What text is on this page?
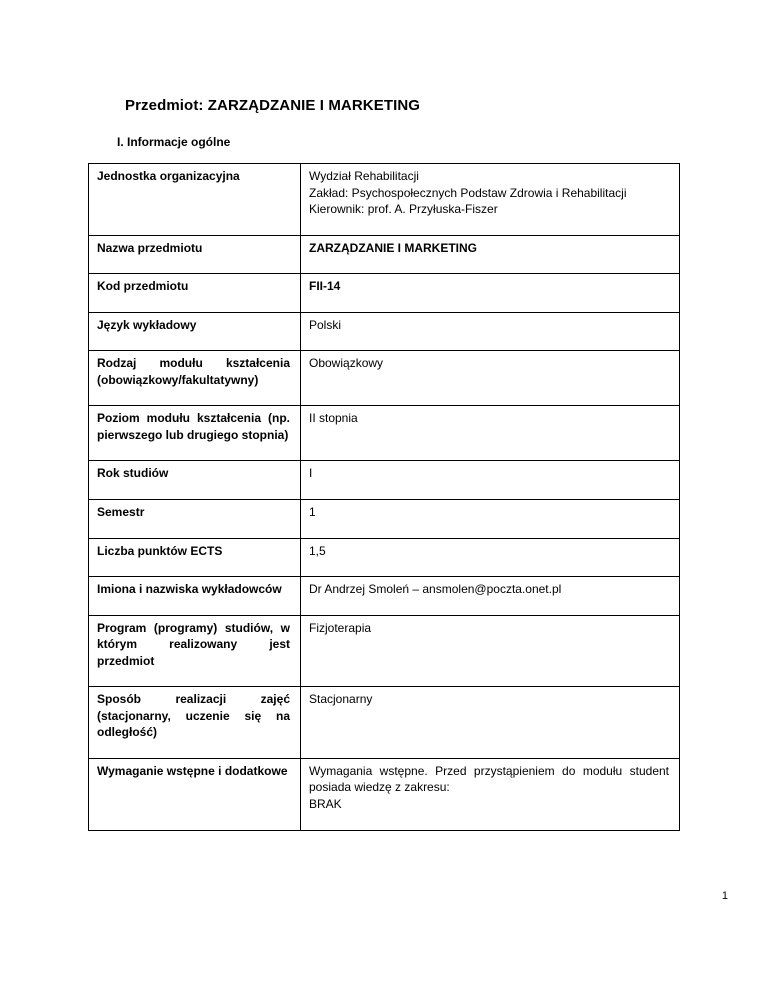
Przedmiot: ZARZĄDZANIE I MARKETING
I. Informacje ogólne
Jednostka organizacyjna	Wydział Rehabilitacji
Zakład: Psychospołecznych Podstaw Zdrowia i Rehabilitacji
Kierownik: prof. A. Przyłuska-Fiszer

Nazwa przedmiotu	ZARZĄDZANIE I MARKETING

Kod przedmiotu	FII-14

Język wykładowy	Polski

Rodzaj modułu kształcenia (obowiązkowy/fakultatywny)	Obowiązkowy

Poziom modułu kształcenia (np. pierwszego lub drugiego stopnia)	II stopnia

Rok studiów	I

Semestr	1

Liczba punktów ECTS	1,5

Imiona i nazwiska wykładowców	Dr Andrzej Smoleń – ansmolen@poczta.onet.pl

Program (programy) studiów, w którym realizowany jest przedmiot	Fizjoterapia

Sposób realizacji zajęć (stacjonarny, uczenie się na odległość)	Stacjonarny

Wymaganie wstępne i dodatkowe	Wymagania wstępne. Przed przystąpieniem do modułu student posiada wiedzę z zakresu:
BRAK
1
